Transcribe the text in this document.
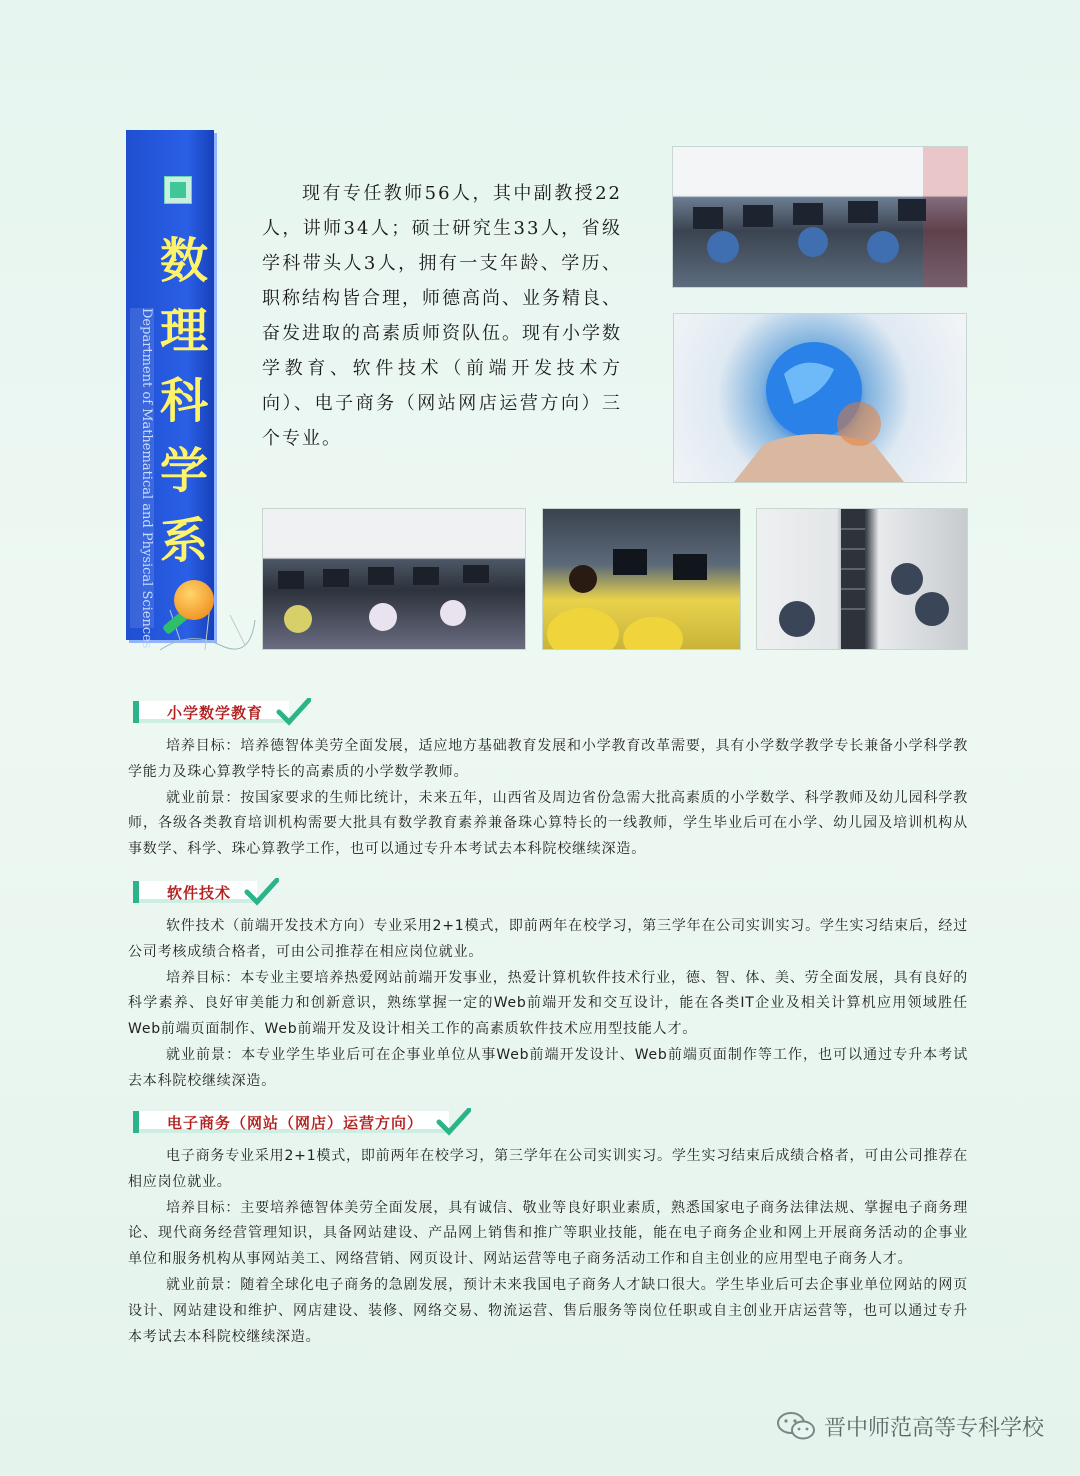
Department of Mathematical and Physical Sciences
数
理
科
学
系
现有专任教师56人，其中副教授22人，讲师34人；硕士研究生33人，省级学科带头人3人，拥有一支年龄、学历、职称结构皆合理，师德高尚、业务精良、奋发进取的高素质师资队伍。现有小学数学教育、软件技术（前端开发技术方向）、电子商务（网站网店运营方向）三个专业。
小学数学教育

培养目标：培养德智体美劳全面发展，适应地方基础教育发展和小学教育改革需要，具有小学数学教学专长兼备小学科学教学能力及珠心算教学特长的高素质的小学数学教师。

就业前景：按国家要求的生师比统计，未来五年，山西省及周边省份急需大批高素质的小学数学、科学教师及幼儿园科学教师，各级各类教育培训机构需要大批具有数学教育素养兼备珠心算特长的一线教师，学生毕业后可在小学、幼儿园及培训机构从事数学、科学、珠心算教学工作，也可以通过专升本考试去本科院校继续深造。

软件技术

软件技术（前端开发技术方向）专业采用2+1模式，即前两年在校学习，第三学年在公司实训实习。学生实习结束后，经过公司考核成绩合格者，可由公司推荐在相应岗位就业。

培养目标：本专业主要培养热爱网站前端开发事业，热爱计算机软件技术行业，德、智、体、美、劳全面发展，具有良好的科学素养、良好审美能力和创新意识，熟练掌握一定的Web前端开发和交互设计，能在各类IT企业及相关计算机应用领域胜任Web前端页面制作、Web前端开发及设计相关工作的高素质软件技术应用型技能人才。

就业前景：本专业学生毕业后可在企事业单位从事Web前端开发设计、Web前端页面制作等工作，也可以通过专升本考试去本科院校继续深造。

电子商务（网站（网店）运营方向）

电子商务专业采用2+1模式，即前两年在校学习，第三学年在公司实训实习。学生实习结束后成绩合格者，可由公司推荐在相应岗位就业。

培养目标：主要培养德智体美劳全面发展，具有诚信、敬业等良好职业素质，熟悉国家电子商务法律法规、掌握电子商务理论、现代商务经营管理知识，具备网站建设、产品网上销售和推广等职业技能，能在电子商务企业和网上开展商务活动的企事业单位和服务机构从事网站美工、网络营销、网页设计、网站运营等电子商务活动工作和自主创业的应用型电子商务人才。

就业前景：随着全球化电子商务的急剧发展，预计未来我国电子商务人才缺口很大。学生毕业后可去企事业单位网站的网页设计、网站建设和维护、网店建设、装修、网络交易、物流运营、售后服务等岗位任职或自主创业开店运营等，也可以通过专升本考试去本科院校继续深造。

晋中师范高等专科学校
